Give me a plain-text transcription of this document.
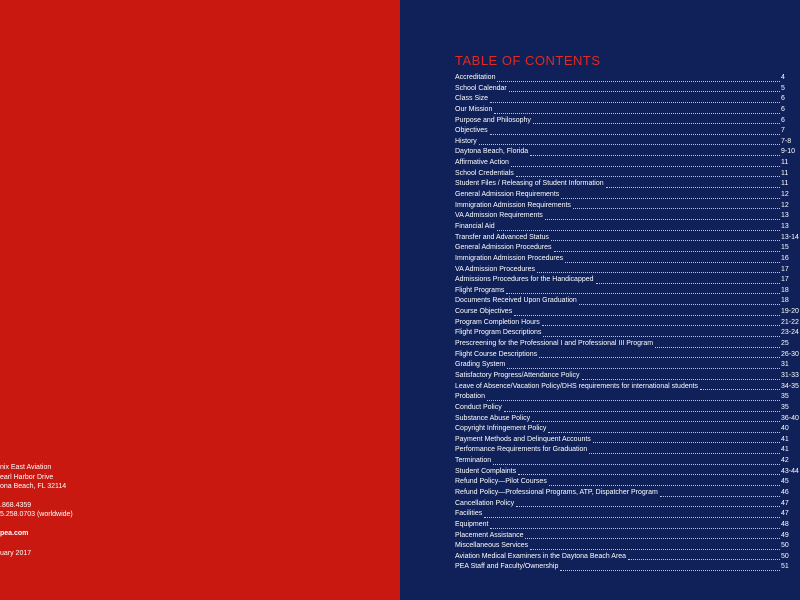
nix East Aviation
earl Harbor Drive
ona Beach, FL 32114
.868.4359
5.258.0703 (worldwide)
pea.com
uary 2017
TABLE OF CONTENTS
Accreditation	4
School Calendar	5
Class Size	6
Our Mission	6
Purpose and Philosophy	6
Objectives	7
History	7-8
Daytona Beach, Florida	9-10
Affirmative Action	11
School Credentials	11
Student Files / Releasing of Student Information	11
General Admission Requirements	12
Immigration Admission Requirements	12
VA Admission Requirements	13
Financial Aid	13
Transfer and Advanced Status	13-14
General Admission Procedures	15
Immigration Admission Procedures	16
VA Admission Procedures	17
Admissions Procedures for the Handicapped	17
Flight Programs	18
Documents Received Upon Graduation	18
Course Objectives	19-20
Program Completion Hours	21-22
Flight Program Descriptions	23-24
Prescreening for the Professional I and Professional III Program	25
Flight Course Descriptions	26-30
Grading System	31
Satisfactory Progress/Attendance Policy	31-33
Leave of Absence/Vacation Policy/DHS requirements for international students	34-35
Probation	35
Conduct Policy	35
Substance Abuse Policy	36-40
Copyright Infringement Policy	40
Payment Methods and Delinquent Accounts	41
Performance Requirements for Graduation	41
Termination	42
Student Complaints	43-44
Refund Policy—Pilot Courses	45
Refund Policy—Professional Programs, ATP, Dispatcher Program	46
Cancellation Policy	47
Facilities	47
Equipment	48
Placement Assistance	49
Miscellaneous Services	50
Aviation Medical Examiners in the Daytona Beach Area	50
PEA Staff and Faculty/Ownership	51
